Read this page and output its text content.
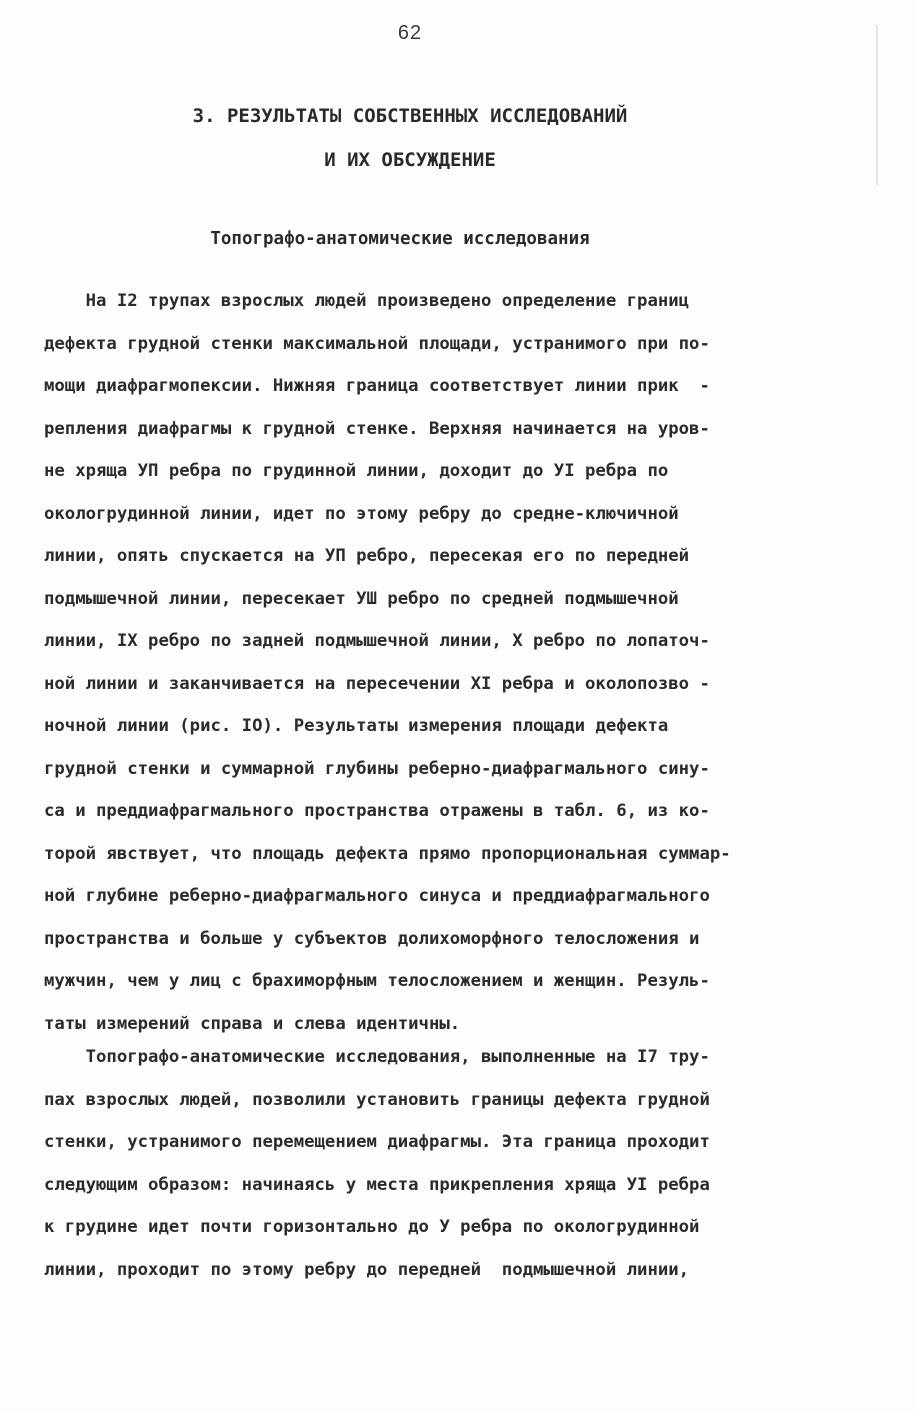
62
3. РЕЗУЛЬТАТЫ СОБСТВЕННЫХ ИССЛЕДОВАНИЙ
И ИХ ОБСУЖДЕНИЕ
Топографо-анатомические исследования
На I2 трупах взрослых людей произведено определение границ
дефекта грудной стенки максимальной площади, устранимого при по-
мощи диафрагмопексии. Нижняя граница соответствует линии прик  -
репления диафрагмы к грудной стенке. Верхняя начинается на уров-
не хряща УП ребра по грудинной линии, доходит до УI ребра по
окологрудинной линии, идет по этому ребру до средне-ключичной
линии, опять спускается на УП ребро, пересекая его по передней
подмышечной линии, пересекает УШ ребро по средней подмышечной
линии, IX ребро по задней подмышечной линии, X ребро по лопаточ-
ной линии и заканчивается на пересечении XI ребра и околопозво -
ночной линии (рис. IO). Результаты измерения площади дефекта
грудной стенки и суммарной глубины реберно-диафрагмального сину-
са и преддиафрагмального пространства отражены в табл. 6, из ко-
торой явствует, что площадь дефекта прямо пропорциональная суммар-
ной глубине реберно-диафрагмального синуса и преддиафрагмального
пространства и больше у субъектов долихоморфного телосложения и
мужчин, чем у лиц с брахиморфным телосложением и женщин. Резуль-
таты измерений справа и слева идентичны.
Топографо-анатомические исследования, выполненные на I7 тру-
пах взрослых людей, позволили установить границы дефекта грудной
стенки, устранимого перемещением диафрагмы. Эта граница проходит
следующим образом: начинаясь у места прикрепления хряща УI ребра
к грудине идет почти горизонтально до У ребра по окологрудинной
линии, проходит по этому ребру до передней  подмышечной линии,
